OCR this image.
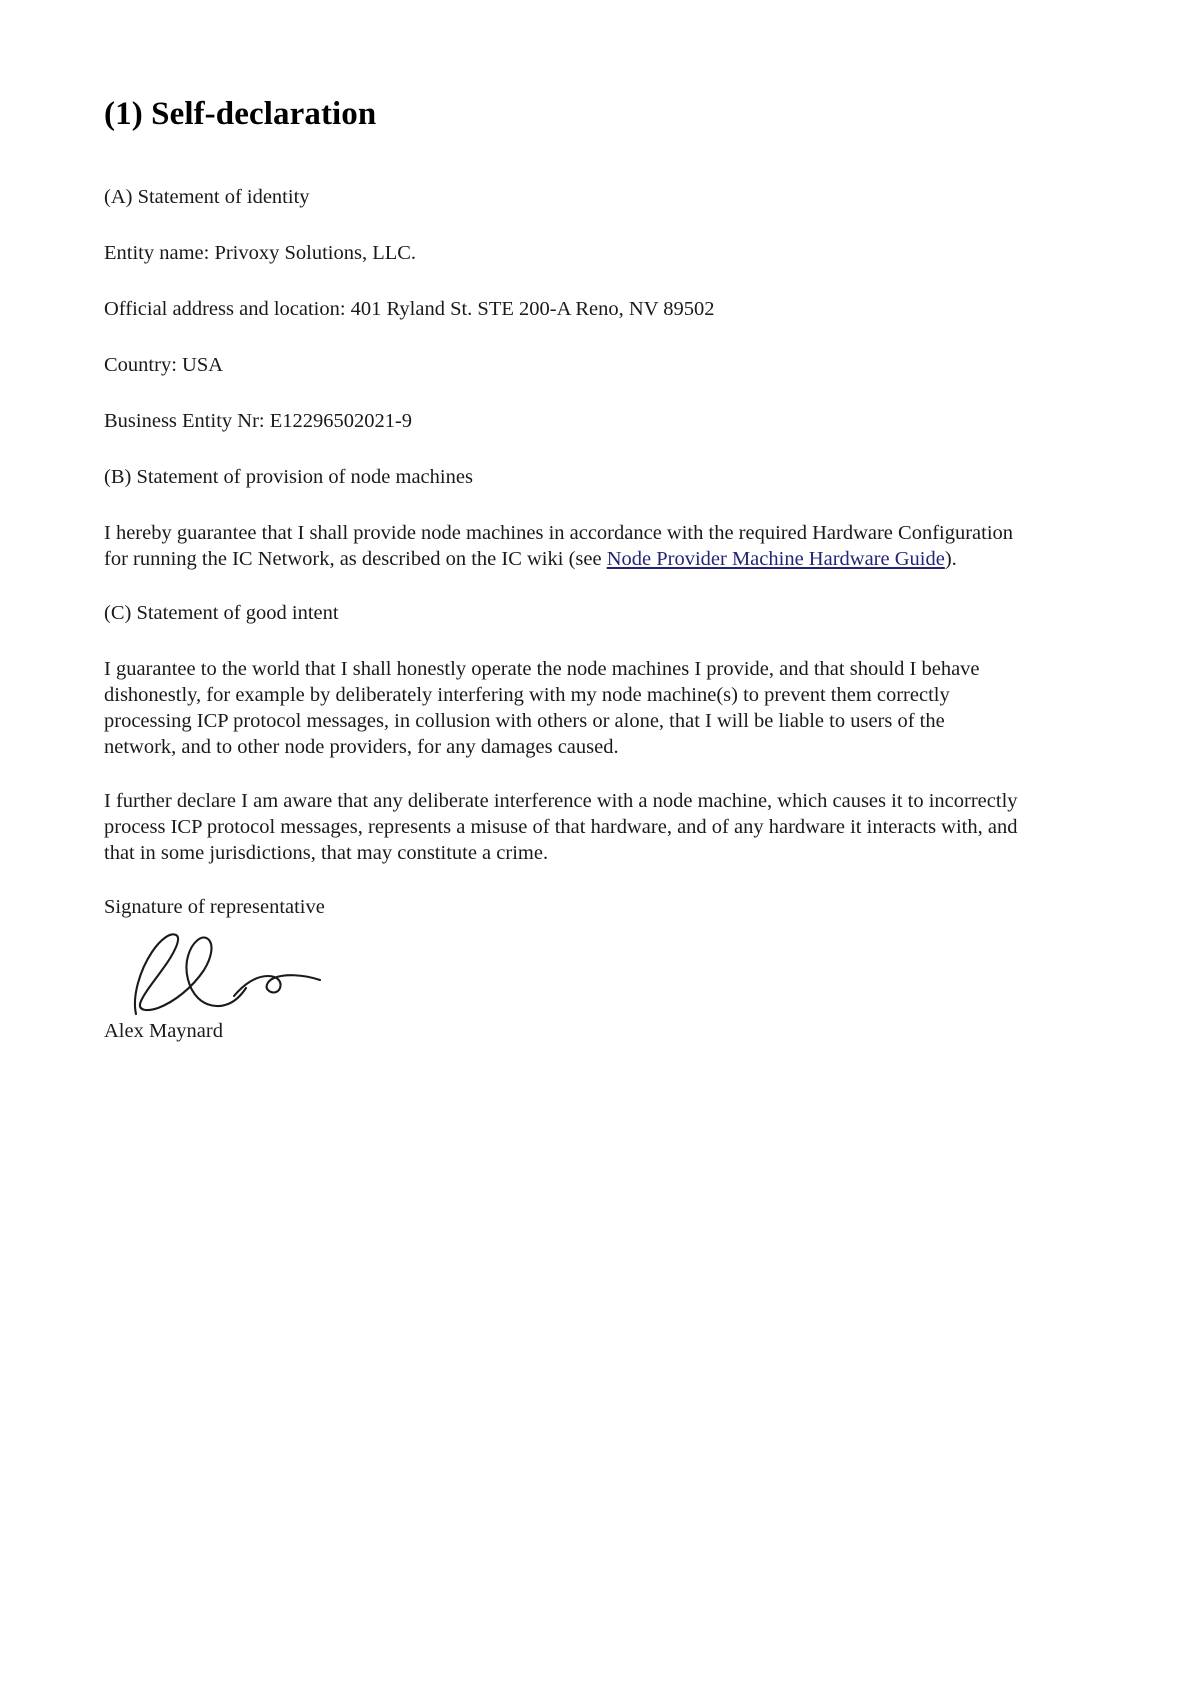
(1) Self-declaration

(A) Statement of identity

Entity name: Privoxy Solutions, LLC.

Official address and location: 401 Ryland St. STE 200-A Reno, NV 89502

Country: USA

Business Entity Nr: E12296502021-9

(B) Statement of provision of node machines

I hereby guarantee that I shall provide node machines in accordance with the required Hardware Configuration for running the IC Network, as described on the IC wiki (see Node Provider Machine Hardware Guide).

(C) Statement of good intent

I guarantee to the world that I shall honestly operate the node machines I provide, and that should I behave dishonestly, for example by deliberately interfering with my node machine(s) to prevent them correctly processing ICP protocol messages, in collusion with others or alone, that I will be liable to users of the network, and to other node providers, for any damages caused.

I further declare I am aware that any deliberate interference with a node machine, which causes it to incorrectly process ICP protocol messages, represents a misuse of that hardware, and of any hardware it interacts with, and that in some jurisdictions, that may constitute a crime.

Signature of representative

Alex Maynard
